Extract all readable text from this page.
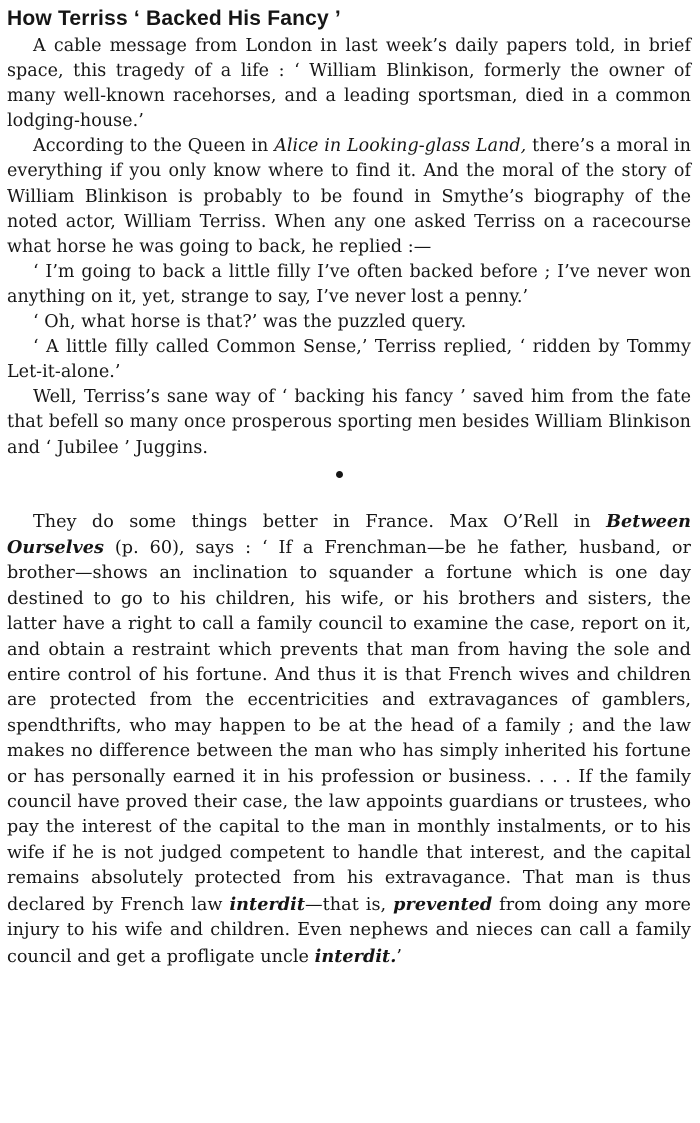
How Terriss ‘ Backed His Fancy ’

A cable message from London in last week’s daily papers told, in brief space, this tragedy of a life : ‘ William Blinkison, formerly the owner of many well-known racehorses, and a leading sportsman, died in a common lodging-house.’

According to the Queen in Alice in Looking-glass Land, there’s a moral in everything if you only know where to find it. And the moral of the story of William Blinkison is probably to be found in Smythe’s biography of the noted actor, William Terriss. When any one asked Terriss on a racecourse what horse he was going to back, he replied :—

‘ I’m going to back a little filly I’ve often backed before ; I’ve never won anything on it, yet, strange to say, I’ve never lost a penny.’

‘ Oh, what horse is that?’ was the puzzled query.

‘ A little filly called Common Sense,’ Terriss replied, ‘ ridden by Tommy Let-it-alone.’

Well, Terriss’s sane way of ‘ backing his fancy ’ saved him from the fate that befell so many once prosperous sporting men besides William Blinkison and ‘ Jubilee ’ Juggins.

They do some things better in France. Max O’Rell in Between Ourselves (p. 60), says : ‘ If a Frenchman—be he father, husband, or brother—shows an inclination to squander a fortune which is one day destined to go to his children, his wife, or his brothers and sisters, the latter have a right to call a family council to examine the case, report on it, and obtain a restraint which prevents that man from having the sole and entire control of his fortune. And thus it is that French wives and children are protected from the eccentricities and extravagances of gamblers, spendthrifts, who may happen to be at the head of a family ; and the law makes no difference between the man who has simply inherited his fortune or has personally earned it in his profession or business. . . . If the family council have proved their case, the law appoints guardians or trustees, who pay the interest of the capital to the man in monthly instalments, or to his wife if he is not judged competent to handle that interest, and the capital remains absolutely protected from his extravagance. That man is thus declared by French law interdit—that is, prevented from doing any more injury to his wife and children. Even nephews and nieces can call a family council and get a profligate uncle interdit.’
